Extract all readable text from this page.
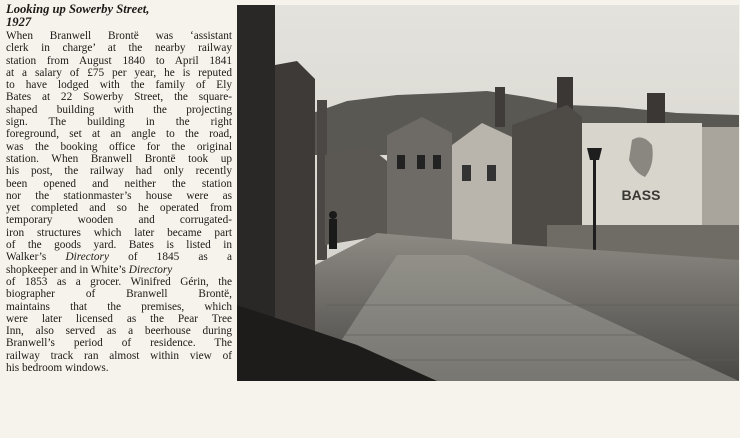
Looking up Sowerby Street,
1927
When Branwell Brontë was ‘assistant
clerk in charge’ at the nearby railway
station from August 1840 to April 1841
at a salary of £75 per year, he is reputed
to have lodged with the family of Ely
Bates at 22 Sowerby Street, the square-
shaped building with the projecting
sign. The building in the right
foreground, set at an angle to the road,
was the booking office for the original
station. When Branwell Brontë took up
his post, the railway had only recently
been opened and neither the station
nor the stationmaster’s house were as
yet completed and so he operated from
temporary wooden and corrugated-
iron structures which later became part
of the goods yard. Bates is listed in
Walker’s Directory of 1845 as a
shopkeeper and in White’s Directory
of 1853 as a grocer. Winifred Gérin, the
biographer of Branwell Brontë,
maintains that the premises, which
were later licensed as the Pear Tree
Inn, also served as a beerhouse during
Branwell’s period of residence. The
railway track ran almost within view of
his bedroom windows.
BASS
